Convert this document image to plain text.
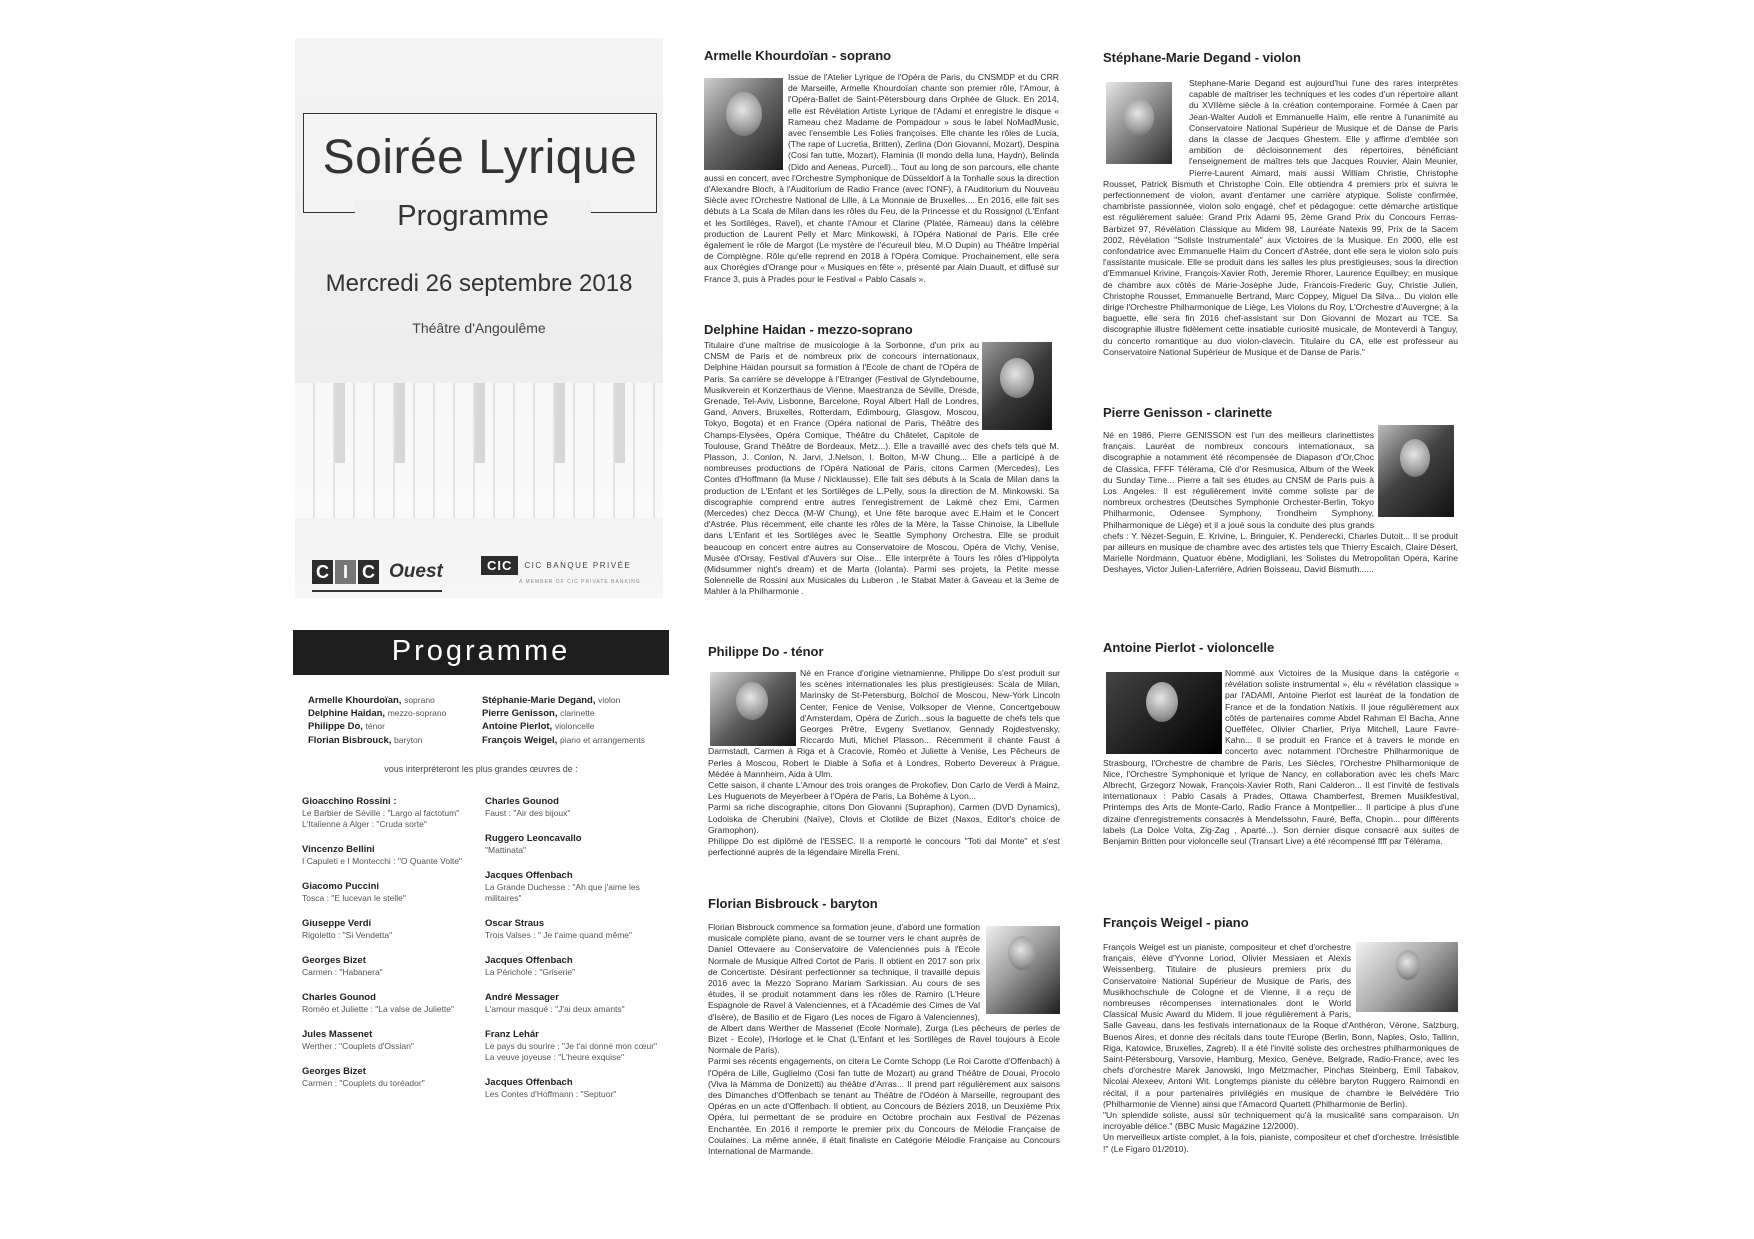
Soirée Lyrique
Programme
Mercredi 26 septembre 2018
Théâtre d'Angoulême
C I C Ouest	CIC CIC BANQUE PRIVÉE
A MEMBER OF CIC PRIVATE BANKING
Armelle Khourdoïan - soprano

Issue de l'Atelier Lyrique de l'Opéra de Paris, du CNSMDP et du CRR de Marseille, Armelle Khourdoïan chante son premier rôle, l'Amour, à l'Opéra-Ballet de Saint-Pétersbourg dans Orphée de Gluck. En 2014, elle est Révélation Artiste Lyrique de l'Adami et enregistre le disque « Rameau chez Madame de Pompadour » sous le label NoMadMusic, avec l'ensemble Les Folies françoises. Elle chante les rôles de Lucia, (The rape of Lucretia, Britten), Zerlina (Don Giovanni, Mozart), Despina (Cosi fan tutte, Mozart), Flaminia (Il mondo della luna, Haydn), Belinda (Dido and Aeneas, Purcell)... Tout au long de son parcours, elle chante aussi en concert, avec l'Orchestre Symphonique de Düsseldorf à la Tonhalle sous la direction d'Alexandre Bloch, à l'Auditorium de Radio France (avec l'ONF), à l'Auditorium du Nouveau Siècle avec l'Orchestre National de Lille, à La Monnaie de Bruxelles.... En 2016, elle fait ses débuts à La Scala de Milan dans les rôles du Feu, de la Princesse et du Rossignol (L'Enfant et les Sortilèges, Ravel), et chante l'Amour et Clarine (Platée, Rameau) dans la célèbre production de Laurent Pelly et Marc Minkowski, à l'Opéra National de Paris. Elle crée également le rôle de Margot (Le mystère de l'écureuil bleu, M.O Dupin) au Théâtre Impérial de Compiègne. Rôle qu'elle reprend en 2018 à l'Opéra Comique. Prochainement, elle sera aux Chorégies d'Orange pour « Musiques en fête », présenté par Alain Duault, et diffusé sur France 3, puis à Prades pour le Festival « Pablo Casals ».

Delphine Haidan - mezzo-soprano

Titulaire d'une maîtrise de musicologie à la Sorbonne, d'un prix au CNSM de Paris et de nombreux prix de concours internationaux, Delphine Haidan poursuit sa formation à l'Ecole de chant de l'Opéra de Paris. Sa carrière se développe à l'Etranger (Festival de Glyndebourne, Musikverein et Konzerthaus de Vienne, Maestranza de Séville, Dresde, Grenade, Tel-Aviv, Lisbonne, Barcelone, Royal Albert Hall de Londres, Gand, Anvers, Bruxelles, Rotterdam, Edimbourg, Glasgow, Moscou, Tokyo, Bogota) et en France (Opéra national de Paris, Théâtre des Champs-Elysées, Opéra Comique, Théâtre du Châtelet, Capitole de Toulouse, Grand Théâtre de Bordeaux, Metz...). Elle a travaillé avec des chefs tels que M. Plasson, J. Conlon, N. Jarvi, J.Nelson, I. Bolton, M-W Chung... Elle a participé à de nombreuses productions de l'Opéra National de Paris, citons Carmen (Mercedes), Les Contes d'Hoffmann (la Muse / Nicklausse). Elle fait ses débuts à la Scala de Milan dans la production de L'Enfant et les Sortilèges de L.Pelly, sous la direction de M. Minkowski. Sa discographie comprend entre autres l'enregistrement de Lakmé chez Emi, Carmen (Mercedes) chez Decca (M-W Chung), et Une fête baroque avec E.Haim et le Concert d'Astrée. Plus récemment, elle chante les rôles de la Mère, la Tasse Chinoise, la Libellule dans L'Enfant et les Sortilèges avec le Seattle Symphony Orchestra. Elle se produit beaucoup en concert entre autres au Conservatoire de Moscou, Opéra de Vichy, Venise, Musée d'Orsay, Festival d'Auvers sur Oise... Elle interprète à Tours les rôles d'Hippolyta (Midsummer night's dream) et de Marta (Iolanta). Parmi ses projets, la Petite messe Solennelle de Rossini aux Musicales du Luberon , le Stabat Mater à Gaveau et la 3eme de Mahler à la Philharmonie .

Stéphane-Marie Degand - violon

Stephane-Marie Degand est aujourd'hui l'une des rares interprètes capable de maîtriser les techniques et les codes d'un répertoire allant du XVIIème siècle à la création contemporaine. Formée à Caen par Jean-Walter Audoli et Emmanuelle Haïm, elle rentre à l'unanimité au Conservatoire National Supérieur de Musique et de Danse de Paris dans la classe de Jacques Ghestem. Elle y affirme d'emblée son ambition de décloisonnement des répertoires, bénéficiant l'enseignement de maîtres tels que Jacques Rouvier, Alain Meunier, Pierre-Laurent Aimard, mais aussi William Christie, Christophe Rousset, Patrick Bismuth et Christophe Coin. Elle obtiendra 4 premiers prix et suivra le perfectionnement de violon, avant d'entamer une carrière atypique. Soliste confirmée, chambriste passionnée, violon solo engagé, chef et pédagogue: cette démarche artistique est régulièrement saluée: Grand Prix Adami 95, 2ème Grand Prix du Concours Ferras-Barbizet 97, Révélation Classique au Midem 98, Lauréate Natexis 99, Prix de la Sacem 2002, Révélation "Soliste Instrumentale" aux Victoires de la Musique. En 2000, elle est confondatrice avec Emmanuelle Haïm du Concert d'Astrée, dont elle sera le violon solo puis l'assistante musicale. Elle se produit dans les salles les plus prestigieuses, sous la direction d'Emmanuel Krivine, François-Xavier Roth, Jeremie Rhorer, Laurence Equilbey; en musique de chambre aux côtés de Marie-Josèphe Jude, Francois-Frederic Guy, Christie Julien, Christophe Rousset, Emmanuelle Bertrand, Marc Coppey, Miguel Da Silva... Du violon elle dirige l'Orchestre Philharmonique de Liège, Les Violons du Roy, L'Orchestre d'Auvergne; à la baguette, elle sera fin 2016 chef-assistant sur Don Giovanni de Mozart au TCE. Sa discographie illustre fidèlement cette insatiable curiosité musicale, de Monteverdi à Tanguy, du concerto romantique au duo violon-clavecin. Titulaire du CA, elle est professeur au Conservatoire National Supérieur de Musique et de Danse de Paris."

Pierre Genisson - clarinette

Né en 1986, Pierre GENISSON est l'un des meilleurs clarinettistes français. Lauréat de nombreux concours internationaux, sa discographie a notamment été récompensée de Diapason d'Or,Choc de Classica, FFFF Télérama, Clé d'or Resmusica, Album of the Week du Sunday Time... Pierre a fait ses études au CNSM de Paris puis à Los Angeles. Il est régulièrement invité comme soliste par de nombreux orchestres (Deutsches Symphonie Orchester-Berlin, Tokyo Philharmonic, Odensee Symphony, Trondheim Symphony, Philharmonique de Liège) et il a joué sous la conduite des plus grands chefs : Y. Nézet-Seguin, E. Krivine, L. Bringuier, K. Penderecki, Charles Dutoit... Il se produit par ailleurs en musique de chambre avec des artistes tels que Thierry Escaich, Claire Désert, Marielle Nordmann, Quatuor ébène, Modigliani, les Solistes du Metropolitan Opera, Karine Deshayes, Victor Julien-Laferrière, Adrien Boisseau, David Bismuth......

Programme
Armelle Khourdoïan, soprano
Delphine Haidan, mezzo-soprano
Philippe Do, ténor
Florian Bisbrouck, baryton
Stéphanie-Marie Degand, violon
Pierre Genisson, clarinette
Antoine Pierlot, violoncelle
François Weigel, piano et arrangements
vous interpréteront les plus grandes œuvres de :
Gioacchino Rossini :
Le Barbier de Séville : "Largo al factotum"
L'Italienne à Alger : "Cruda sorte"
Vincenzo Bellini
I Capuleti e I Montecchi : "O Quante Volte"
Giacomo Puccini
Tosca : "E lucevan le stelle"
Giuseppe Verdi
Rigoletto : "Si Vendetta"
Georges Bizet
Carmen : "Habanera"
Charles Gounod
Roméo et Juliette : "La valse de Juliette"
Jules Massenet
Werther : "Couplets d'Ossian"
Georges Bizet
Carmen : "Couplets du toréador"
Charles Gounod
Faust : "Air des bijoux"
Ruggero Leoncavallo
"Mattinata"
Jacques Offenbach
La Grande Duchesse : "Ah que j'aime les militaires"
Oscar Straus
Trois Valses : " Je t'aime quand même"
Jacques Offenbach
La Périchole : "Griserie"
André Messager
L'amour masqué : "J'ai deux amants"
Franz Lehár
Le pays du sourire : "Je t'ai donné mon cœur"
La veuve joyeuse : "L'heure exquise"
Jacques Offenbach
Les Contes d'Hoffmann : "Septuor"
Philippe Do - ténor

Né en France d'origine vietnamienne, Philippe Do s'est produit sur les scènes internationales les plus prestigieuses: Scala de Milan, Marinsky de St-Petersburg, Bolchoï de Moscou, New-York Lincoln Center, Fenice de Venise, Volksoper de Vienne, Concertgebouw d'Amsterdam, Opéra de Zurich...sous la baguette de chefs tels que Georges Prêtre, Evgeny Svetlanov, Gennady Rojdestvensky, Riccardo Muti, Michel Plasson... Récemment il chante Faust à Darmstadt, Carmen à Riga et à Cracovie, Roméo et Juliette à Venise, Les Pêcheurs de Perles à Moscou, Robert le Diable à Sofia et à Londres, Roberto Devereux à Prague, Médée à Mannheim, Aida à Ulm.

Cette saison, il chante L'Amour des trois oranges de Prokofiev, Don Carlo de Verdi à Mainz, Les Huguenots de Meyerbeer à l'Opéra de Paris, La Bohème à Lyon...

Parmi sa riche discographie, citons Don Giovanni (Supraphon), Carmen (DVD Dynamics), Lodoiska de Cherubini (Naïve), Clovis et Clotilde de Bizet (Naxos, Editor's choice de Gramophon).

Philippe Do est diplômé de l'ESSEC. Il a remporté le concours "Toti dal Monte" et s'est perfectionné auprès de la légendaire Mirella Freni.

Florian Bisbrouck - baryton

Florian Bisbrouck commence sa formation jeune, d'abord une formation musicale complète piano, avant de se tourner vers le chant auprès de Daniel Ottevaere au Conservatoire de Valenciennes puis à l'Ecole Normale de Musique Alfred Cortot de Paris. Il obtient en 2017 son prix de Concertiste. Désirant perfectionner sa technique, il travaille depuis 2016 avec la Mezzo Soprano Mariam Sarkissian. Au cours de ses études, il se produit notamment dans les rôles de Ramiro (L'Heure Espagnole de Ravel à Valenciennes, et à l'Académie des Cimes de Val d'Isère), de Basilio et de Figaro (Les noces de Figaro à Valenciennes), de Albert dans Werther de Massenet (Ecole Normale), Zurga (Les pêcheurs de perles de Bizet - Ecole), l'Horloge et le Chat (L'Enfant et les Sortilèges de Ravel toujours à Ecole Normale de Paris).

Parmi ses récents engagements, on citera Le Comte Schopp (Le Roi Carotte d'Offenbach) à l'Opéra de Lille, Guglielmo (Cosi fan tutte de Mozart) au grand Théâtre de Douai, Procolo (Viva la Mamma de Donizetti) au théâtre d'Arras... Il prend part régulièrement aux saisons des Dimanches d'Offenbach se tenant au Théâtre de l'Odéon à Marseille, regroupant des Opéras en un acte d'Offenbach. Il obtient, au Concours de Béziers 2018, un Deuxième Prix Opéra, lui permettant de se produire en Octobre prochain aux Festival de Pézenas Enchantée. En 2016 il remporte le premier prix du Concours de Mélodie Française de Coulaines. La même année, il était finaliste en Catégorie Mélodie Française au Concours International de Marmande.

Antoine Pierlot - violoncelle

Nommé aux Victoires de la Musique dans la catégorie « révélation soliste instrumental », élu « révélation classique » par l'ADAMI, Antoine Pierlot est lauréat de la fondation de France et de la fondation Natixis. Il joue régulièrement aux côtés de partenaires comme Abdel Rahman El Bacha, Anne Queffélec, Olivier Charlier, Priya Mitchell, Laure Favre-Kahn... Il se produit en France et à travers le monde en concerto avec notamment l'Orchestre Philharmonique de Strasbourg, l'Orchestre de chambre de Paris, Les Siècles, l'Orchestre Philharmonique de Nice, l'Orchestre Symphonique et lyrique de Nancy, en collaboration avec les chefs Marc Albrecht, Grzegorz Nowak, François-Xavier Roth, Rani Calderon... Il est l'invité de festivals internationaux : Pablo Casals à Prades, Ottawa Chamberfest, Bremen Musikfestival, Printemps des Arts de Monte-Carlo, Radio France à Montpellier... Il participe à plus d'une dizaine d'enregistrements consacrés à Mendelssohn, Fauré, Beffa, Chopin... pour différents labels (La Dolce Volta, Zig-Zag , Aparté...). Son dernier disque consacré aux suites de Benjamin Britten pour violoncelle seul (Transart Live) a été récompensé ffff par Télérama.

François Weigel - piano

François Weigel est un pianiste, compositeur et chef d'orchestre français, élève d'Yvonne Loriod, Olivier Messiaen et Alexis Weissenberg. Titulaire de plusieurs premiers prix du Conservatoire National Supérieur de Musique de Paris, des Musikhochschule de Cologne et de Vienne, il a reçu de nombreuses récompenses internationales dont le World Classical Music Award du Midem. Il joue régulièrement à Paris, Salle Gaveau, dans les festivals internationaux de la Roque d'Anthéron, Vérone, Salzburg, Buenos Aires, et donne des récitals dans toute l'Europe (Berlin, Bonn, Naples, Oslo, Tallinn, Riga, Katowice, Bruxelles, Zagreb). Il a été l'invité soliste des orchestres philharmoniques de Saint-Pétersbourg, Varsovie, Hamburg, Mexico, Genève, Belgrade, Radio-France, avec les chefs d'orchestre Marek Janowski, Ingo Metzmacher, Pinchas Steinberg, Emil Tabakov, Nicolai Alexeev, Antoni Wit. Longtemps pianiste du célèbre baryton Ruggero Raimondi en récital, il a pour partenaires privilégiés en musique de chambre le Belvédère Trio (Philharmonie de Vienne) ainsi que l'Amacord Quartett (Philharmonie de Berlin).

"Un splendide soliste, aussi sûr techniquement qu'à la musicalité sans comparaison. Un incroyable délice." (BBC Music Magazine 12/2000).

Un merveilleux artiste complet, à la fois, pianiste, compositeur et chef d'orchestre. Irrésistible !" (Le Figaro 01/2010).
